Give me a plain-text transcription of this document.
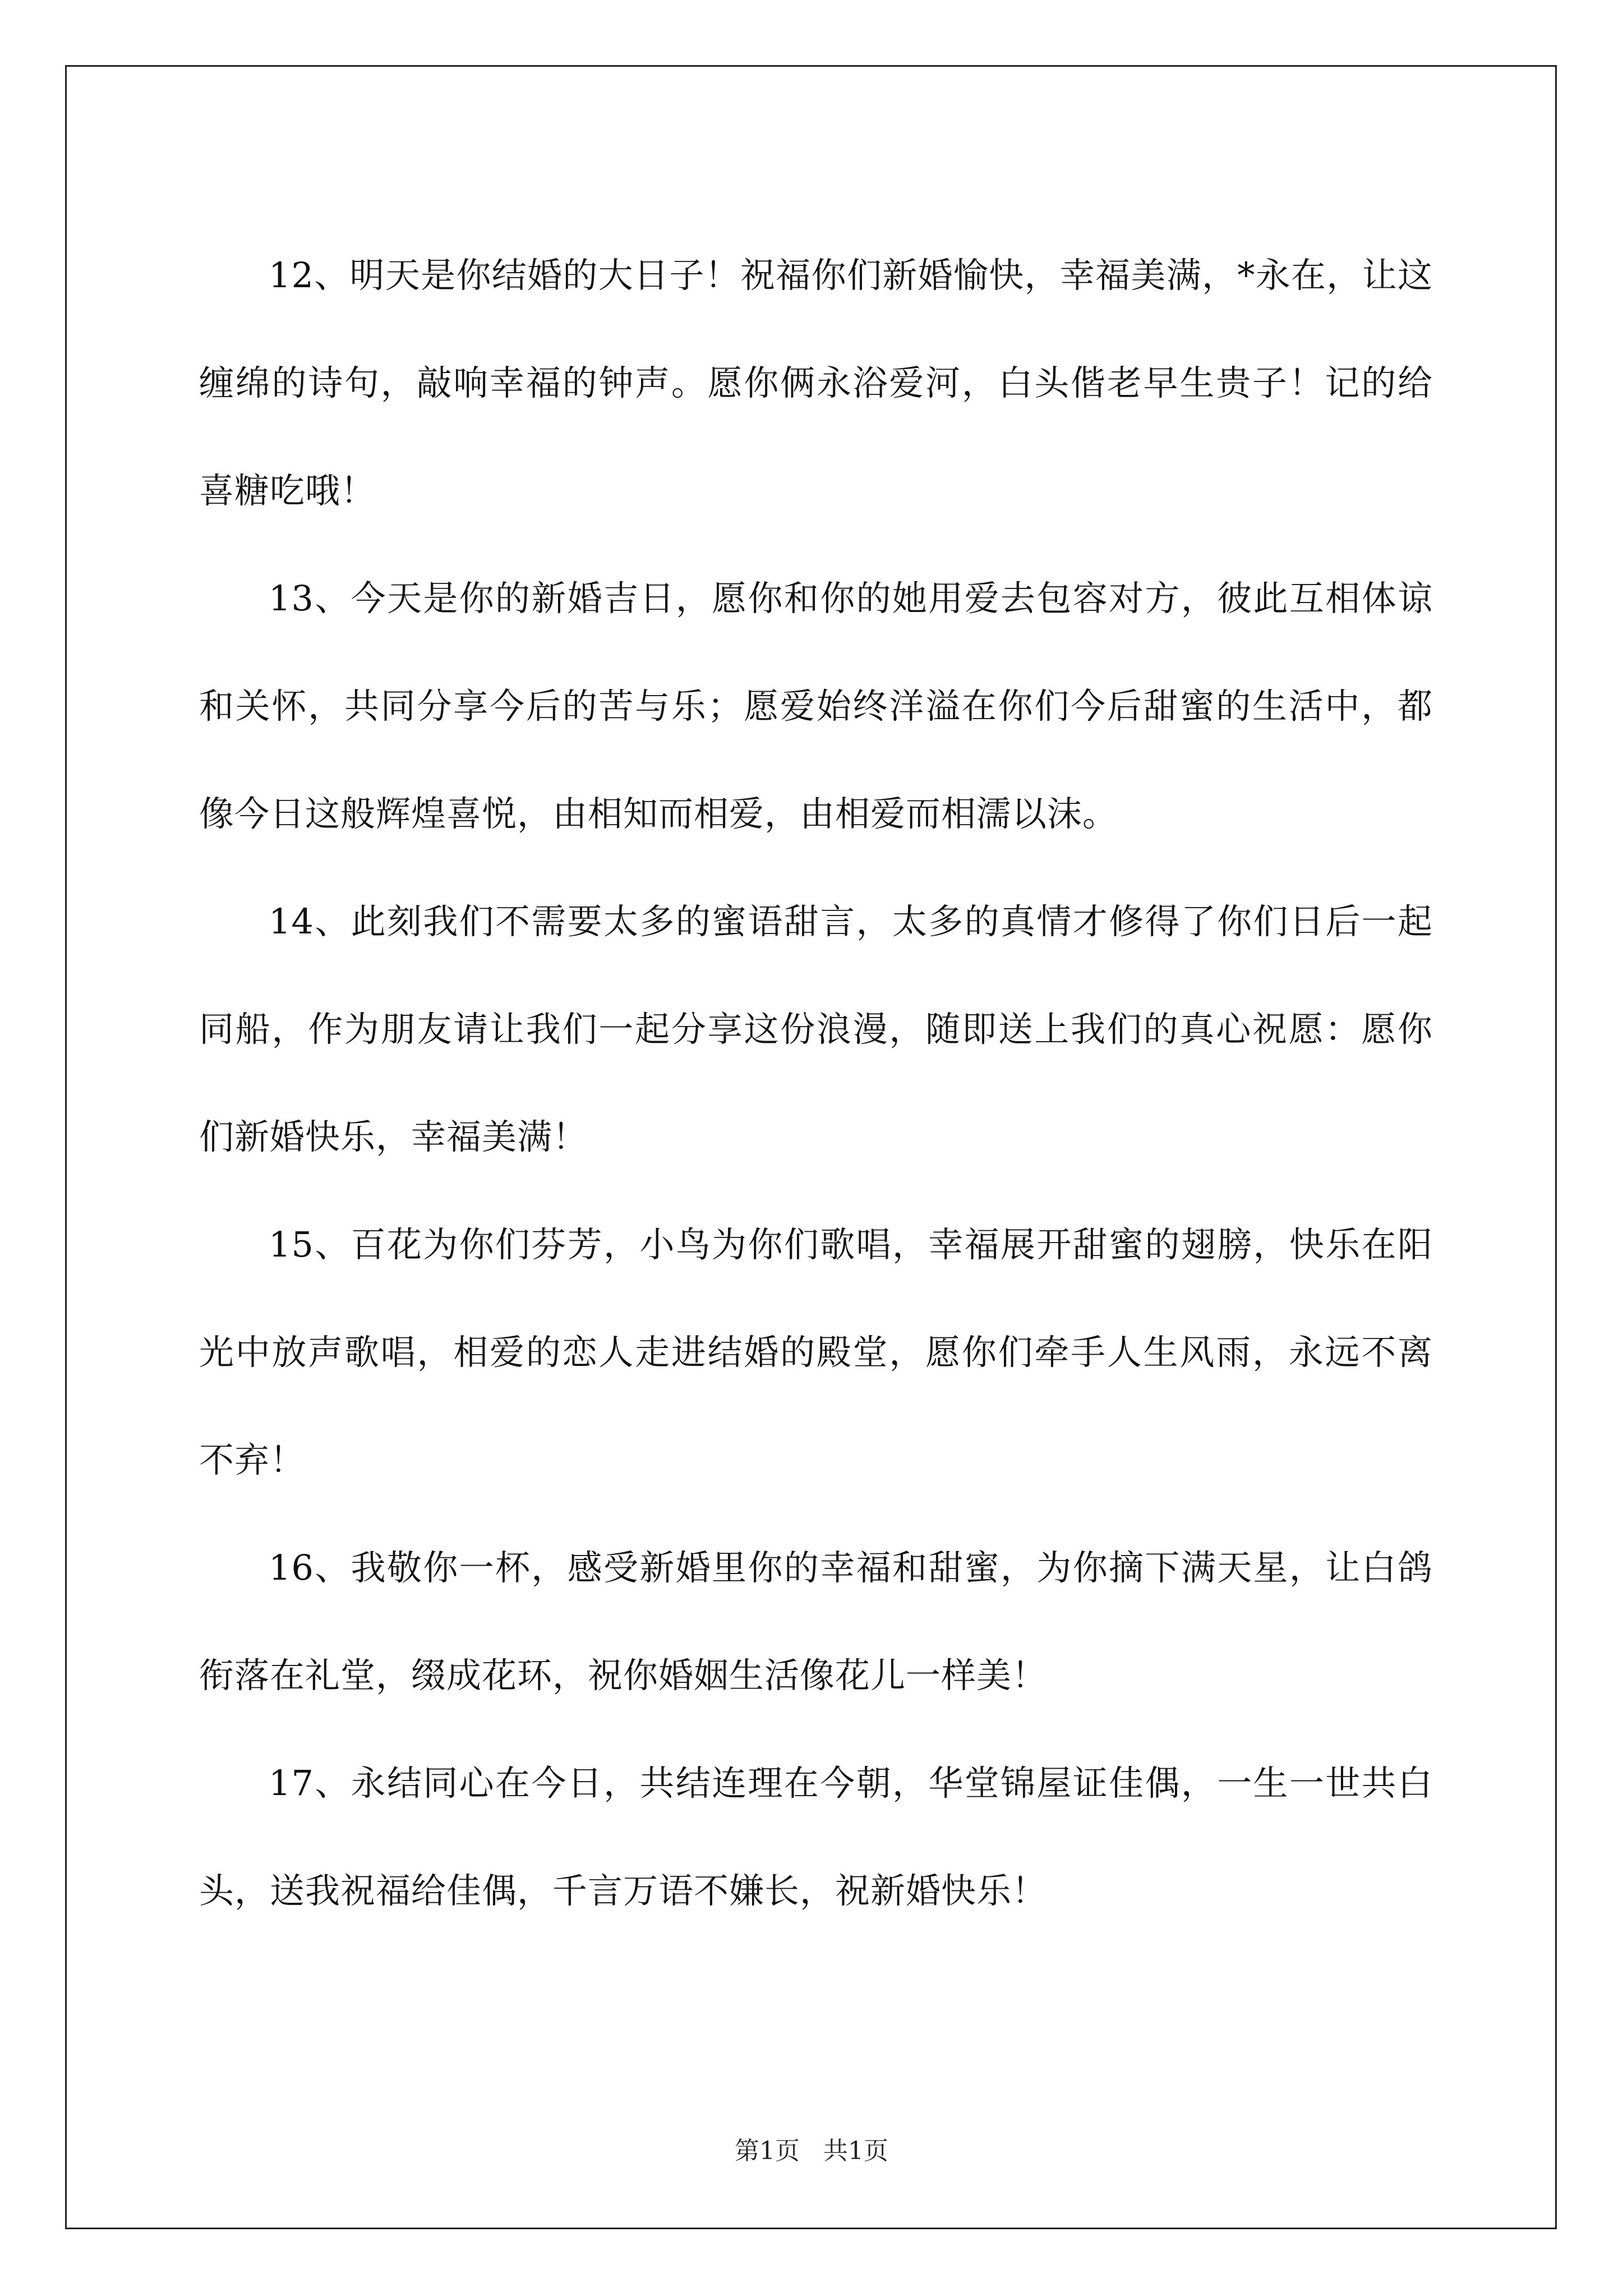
12、明天是你结婚的大日子！祝福你们新婚愉快，幸福美满，*永在，让这缠绵的诗句，敲响幸福的钟声。愿你俩永浴爱河，白头偕老早生贵子！记的给喜糖吃哦！

13、今天是你的新婚吉日，愿你和你的她用爱去包容对方，彼此互相体谅和关怀，共同分享今后的苦与乐；愿爱始终洋溢在你们今后甜蜜的生活中，都像今日这般辉煌喜悦，由相知而相爱，由相爱而相濡以沫。

14、此刻我们不需要太多的蜜语甜言，太多的真情才修得了你们日后一起同船，作为朋友请让我们一起分享这份浪漫，随即送上我们的真心祝愿：愿你们新婚快乐，幸福美满！

15、百花为你们芬芳，小鸟为你们歌唱，幸福展开甜蜜的翅膀，快乐在阳光中放声歌唱，相爱的恋人走进结婚的殿堂，愿你们牵手人生风雨，永远不离不弃！

16、我敬你一杯，感受新婚里你的幸福和甜蜜，为你摘下满天星，让白鸽衔落在礼堂，缀成花环，祝你婚姻生活像花儿一样美！

17、永结同心在今日，共结连理在今朝，华堂锦屋证佳偶，一生一世共白头，送我祝福给佳偶，千言万语不嫌长，祝新婚快乐！

第1页   共1页
